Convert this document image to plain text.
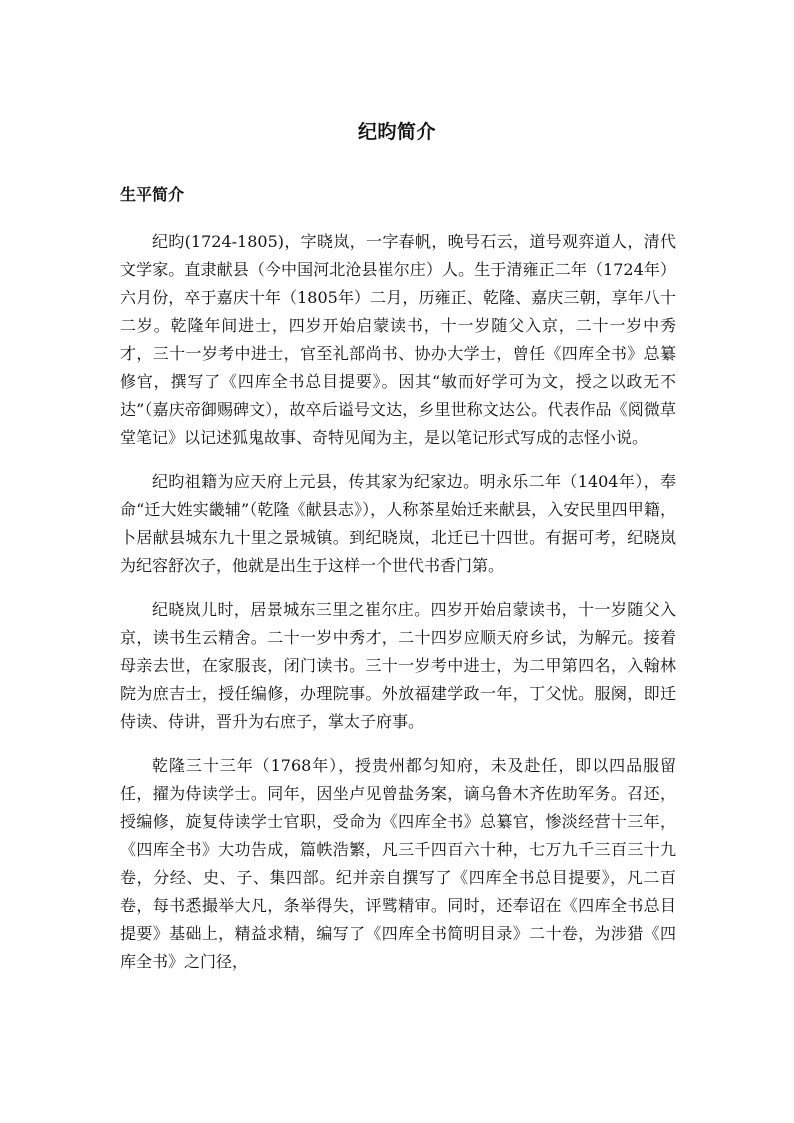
纪昀简介
生平简介

纪昀(1724-1805)，字晓岚，一字春帆，晚号石云，道号观弈道人，清代文学家。直隶献县（今中国河北沧县崔尔庄）人。生于清雍正二年（1724年）六月份，卒于嘉庆十年（1805年）二月，历雍正、乾隆、嘉庆三朝，享年八十二岁。乾隆年间进士，四岁开始启蒙读书，十一岁随父入京，二十一岁中秀才，三十一岁考中进士，官至礼部尚书、协办大学士，曾任《四库全书》总纂修官，撰写了《四库全书总目提要》。因其“敏而好学可为文，授之以政无不达”（嘉庆帝御赐碑文），故卒后谥号文达，乡里世称文达公。代表作品《阅微草堂笔记》以记述狐鬼故事、奇特见闻为主，是以笔记形式写成的志怪小说。

纪昀祖籍为应天府上元县，传其家为纪家边。明永乐二年（1404年），奉命“迁大姓实畿辅”（乾隆《献县志》），人称茶星始迁来献县，入安民里四甲籍，卜居献县城东九十里之景城镇。到纪晓岚，北迁已十四世。有据可考，纪晓岚为纪容舒次子，他就是出生于这样一个世代书香门第。

纪晓岚儿时，居景城东三里之崔尔庄。四岁开始启蒙读书，十一岁随父入京，读书生云精舍。二十一岁中秀才，二十四岁应顺天府乡试，为解元。接着母亲去世，在家服丧，闭门读书。三十一岁考中进士，为二甲第四名，入翰林院为庶吉士，授任编修，办理院事。外放福建学政一年，丁父忧。服阕，即迁侍读、侍讲，晋升为右庶子，掌太子府事。

乾隆三十三年（1768年），授贵州都匀知府，未及赴任，即以四品服留任，擢为侍读学士。同年，因坐卢见曾盐务案，谪乌鲁木齐佐助军务。召还，授编修，旋复侍读学士官职，受命为《四库全书》总纂官，惨淡经营十三年，《四库全书》大功告成，篇帙浩繁，凡三千四百六十种，七万九千三百三十九卷，分经、史、子、集四部。纪并亲自撰写了《四库全书总目提要》，凡二百卷，每书悉撮举大凡，条举得失，评骘精审。同时，还奉诏在《四库全书总目提要》基础上，精益求精，编写了《四库全书简明目录》二十卷，为涉猎《四库全书》之门径，
